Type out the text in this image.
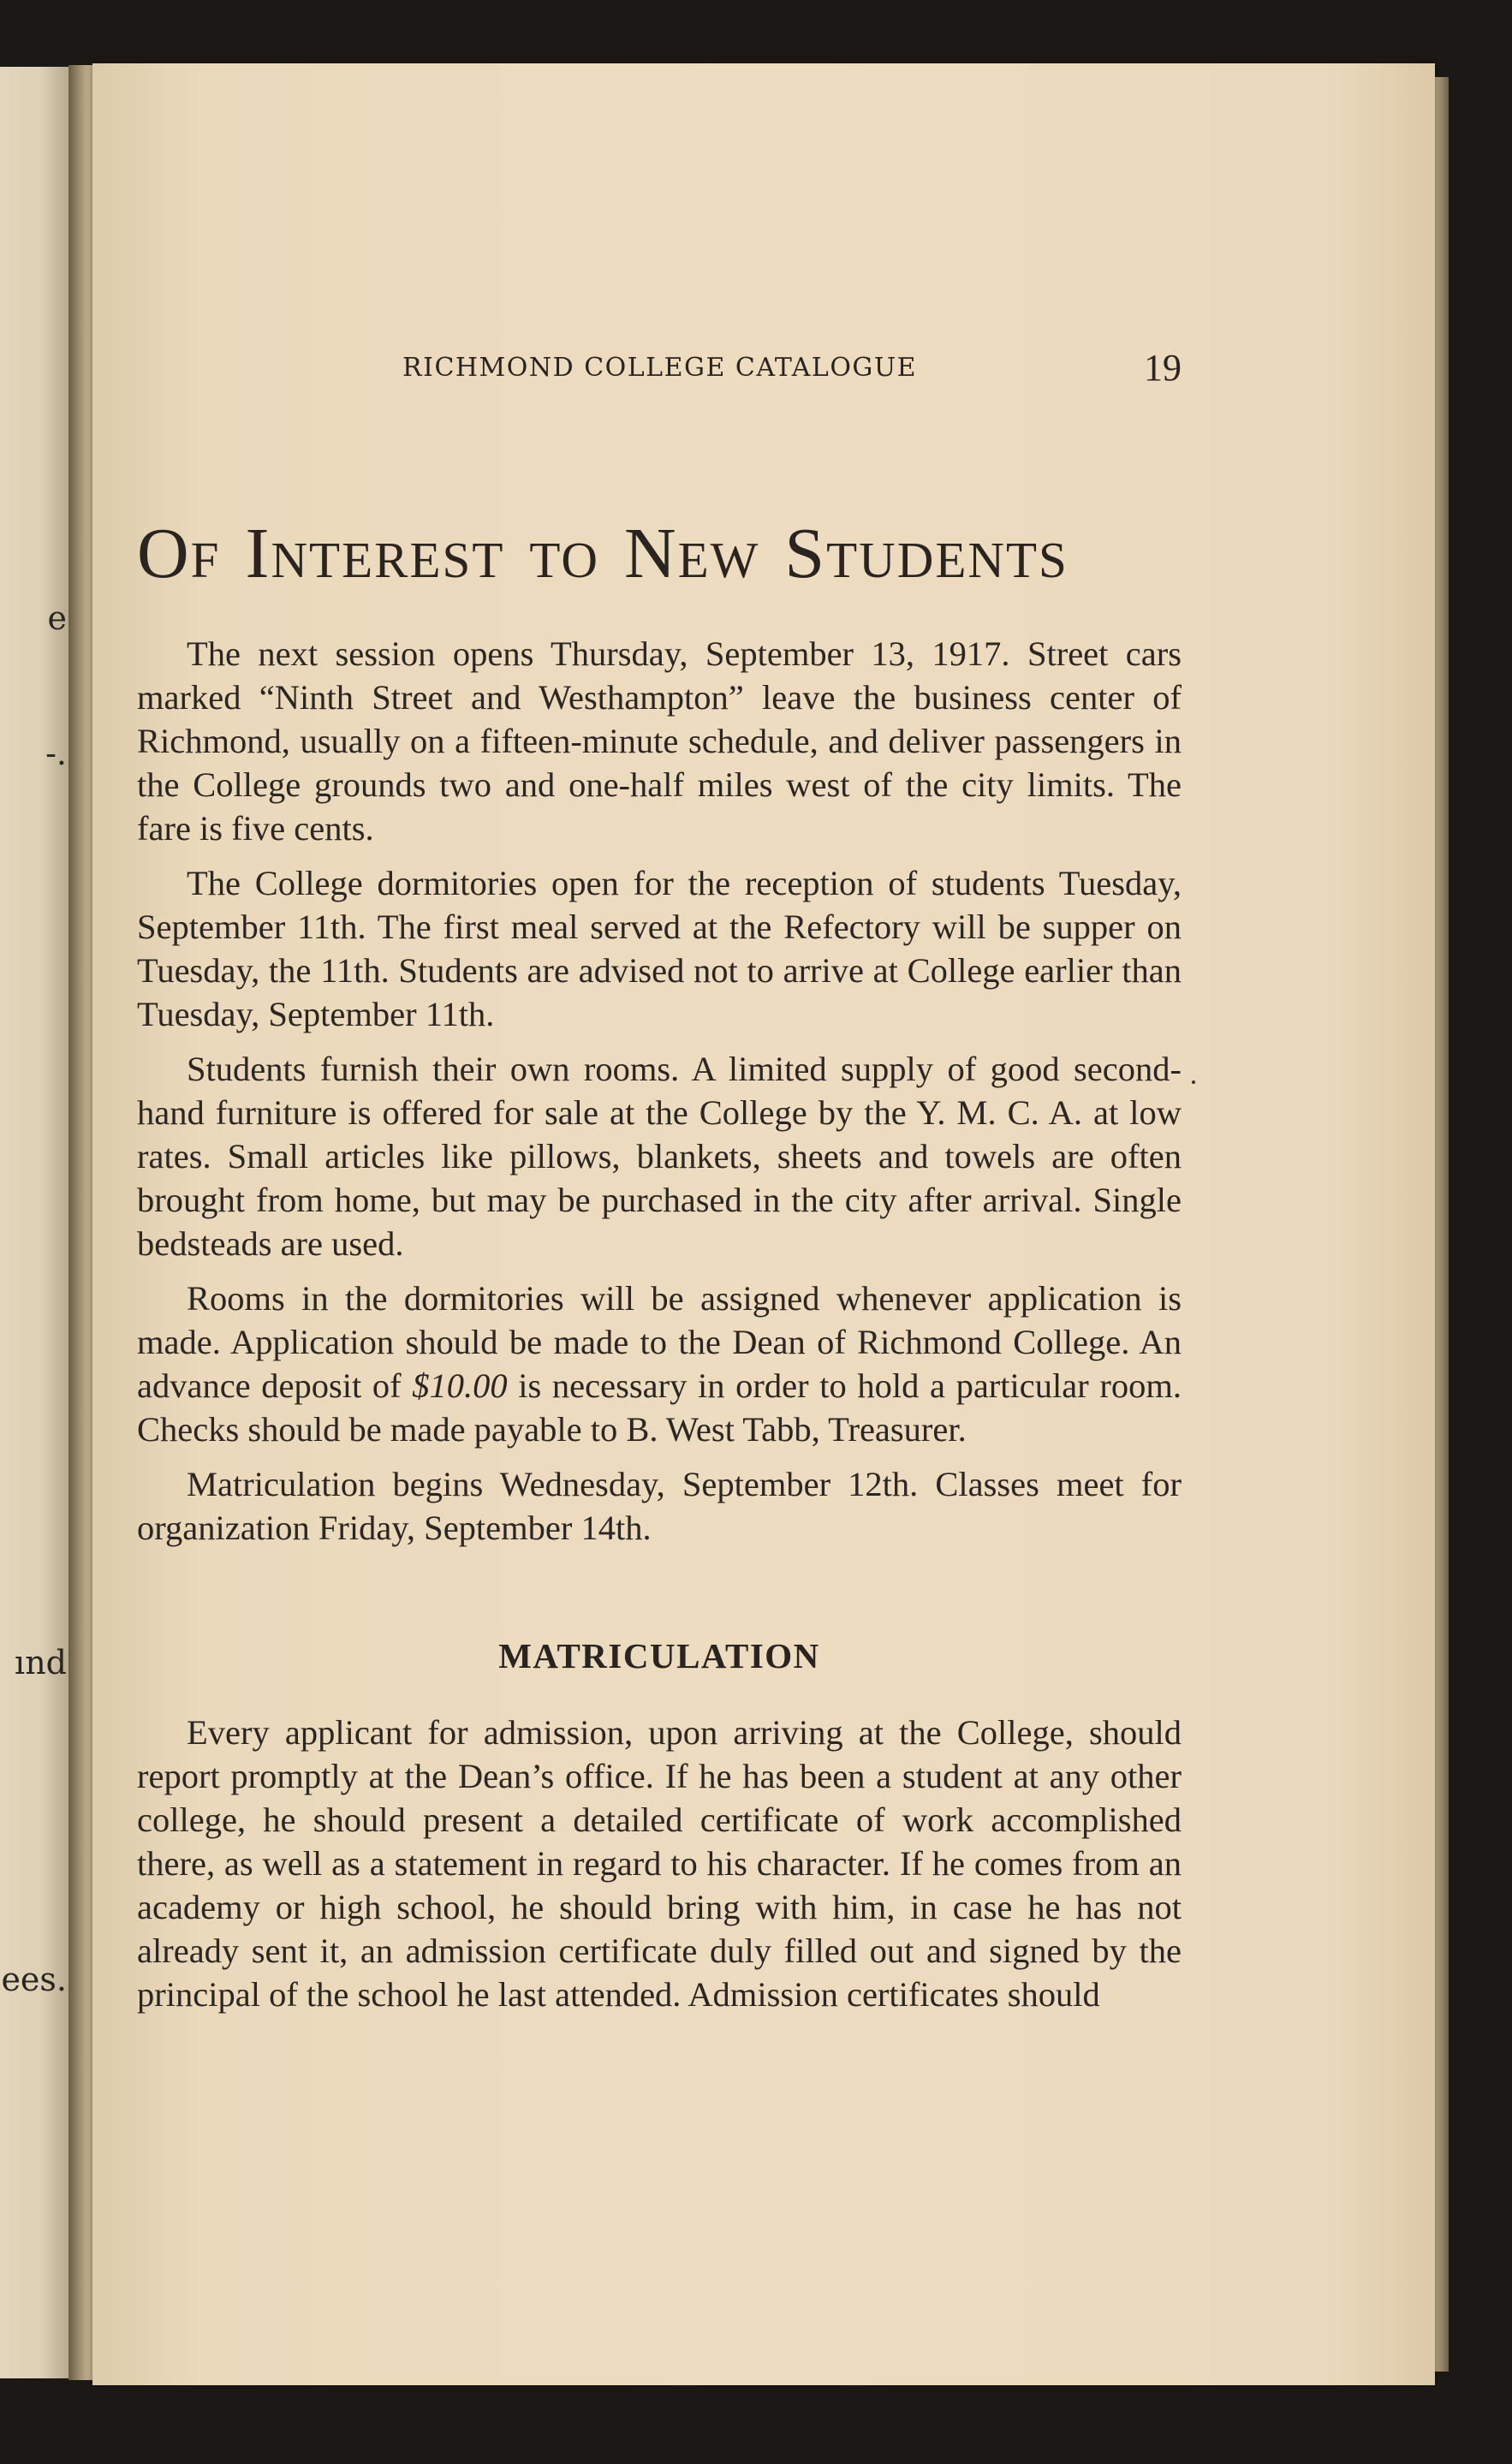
e
-.
ınd
ees.
RICHMOND COLLEGE CATALOGUE	19
Of Interest to New Students

The next session opens Thursday, September 13, 1917. Street cars marked “Ninth Street and Westhampton” leave the business center of Richmond, usually on a fifteen-minute schedule, and deliver passengers in the College grounds two and one-half miles west of the city limits. The fare is five cents.

The College dormitories open for the reception of students Tuesday, September 11th. The first meal served at the Refectory will be supper on Tuesday, the 11th. Students are advised not to arrive at College earlier than Tuesday, September 11th.

Students furnish their own rooms. A limited supply of good second-hand furniture is offered for sale at the College by the Y. M. C. A. at low rates. Small articles like pillows, blankets, sheets and towels are often brought from home, but may be purchased in the city after arrival. Single bedsteads are used.

Rooms in the dormitories will be assigned whenever application is made. Application should be made to the Dean of Richmond College. An advance deposit of $10.00 is necessary in order to hold a particular room. Checks should be made payable to B. West Tabb, Treasurer.

Matriculation begins Wednesday, September 12th. Classes meet for organization Friday, September 14th.

MATRICULATION

Every applicant for admission, upon arriving at the College, should report promptly at the Dean’s office. If he has been a student at any other college, he should present a detailed certificate of work accomplished there, as well as a statement in regard to his character. If he comes from an academy or high school, he should bring with him, in case he has not already sent it, an admission certificate duly filled out and signed by the principal of the school he last attended. Admission certificates should
